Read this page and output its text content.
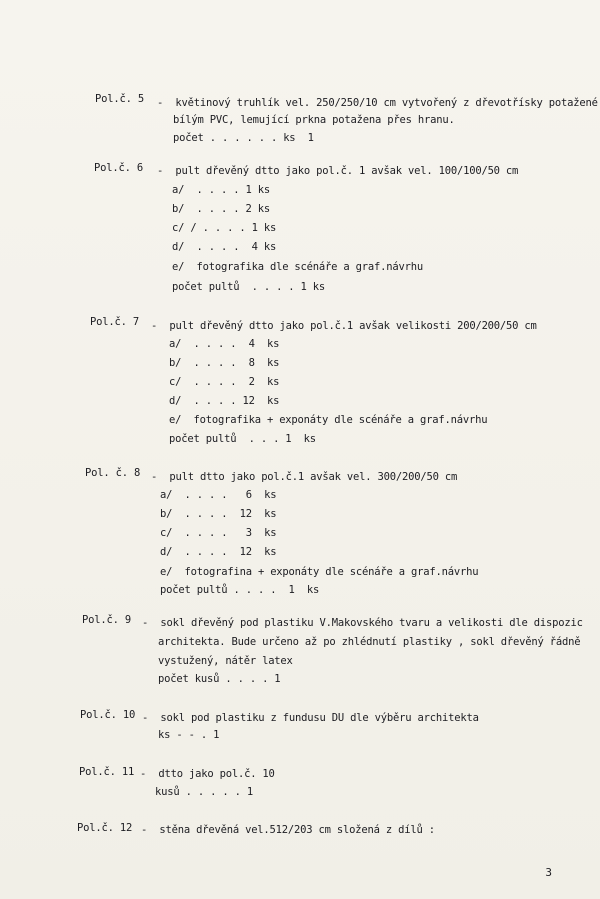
Pol.č. 5 -  květinový truhlík vel. 250/250/10 cm vytvořený z dřevotřísky potažené
bílým PVC, lemující prkna potažena přes hranu.
počet . . . . . . ks  1
Pol.č. 6 -  pult dřevěný dtto jako pol.č. 1 avšak vel. 100/100/50 cm
a/  . . . . 1 ks
b/  . . . . 2 ks
c/ / . . . . 1 ks
d/  . . . .  4 ks
e/  fotografika dle scénáře a graf.návrhu
počet pultů  . . . . 1 ks
Pol.č. 7 -  pult dřevěný dtto jako pol.č.1 avšak velikosti 200/200/50 cm
a/  . . . .  4  ks
b/  . . . .  8  ks
c/  . . . .  2  ks
d/  . . . . 12  ks
e/  fotografika + exponáty dle scénáře a graf.návrhu
počet pultů  . . . 1  ks
Pol. č. 8 -  pult dtto jako pol.č.1 avšak vel. 300/200/50 cm
a/  . . . .   6  ks
b/  . . . .  12  ks
c/  . . . .   3  ks
d/  . . . .  12  ks
e/  fotografina + exponáty dle scénáře a graf.návrhu
počet pultů . . . .  1  ks
Pol.č. 9 -  sokl dřevěný pod plastiku V.Makovského tvaru a velikosti dle dispozic
architekta. Bude určeno až po zhlédnutí plastiky , sokl dřevěný řádně
vystužený, nátěr latex
počet kusů . . . . 1
Pol.č. 10 -  sokl pod plastiku z fundusu DU dle výběru architekta
ks - - . 1
Pol.č. 11 -  dtto jako pol.č. 10
kusů . . . . . 1
Pol.č. 12 -  stěna dřevěná vel.512/203 cm složená z dílů :
3
